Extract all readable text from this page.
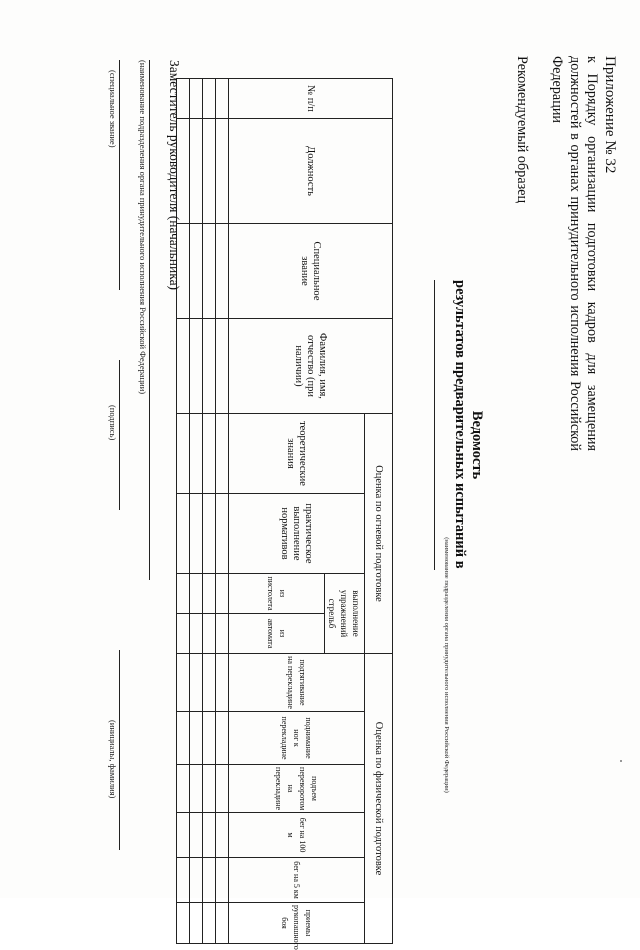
Приложение № 32
к Порядку организации подготовки кадров для замещения должностей в органах принудительного исполнения Российской Федерации
Рекомендуемый образец
Ведомость
результатов предварительных испытаний в
(наименование подразделения органа принудительного исполнения Российской Федерации)
№ п/п	Должность	Специальное звание	Фамилия, имя, отчество (при наличии)	Оценка по огневой подготовке				Оценка по физической подготовке					
				теоретические знания	практическое выполнение нормативов	выполнение упражнений стрельб		подтягивание на перекладине	поднимание ног к перекладине	подъем переворотом на перекладине	бег на 100 м	бег на 5 км	приемы рукопашного боя
						из пистолета	из автомата						

Заместитель руководителя (начальника)
(наименование подразделения органа принудительного исполнения Российской Федерации)
(специальное звание)
(подпись)
(инициалы, фамилия)
